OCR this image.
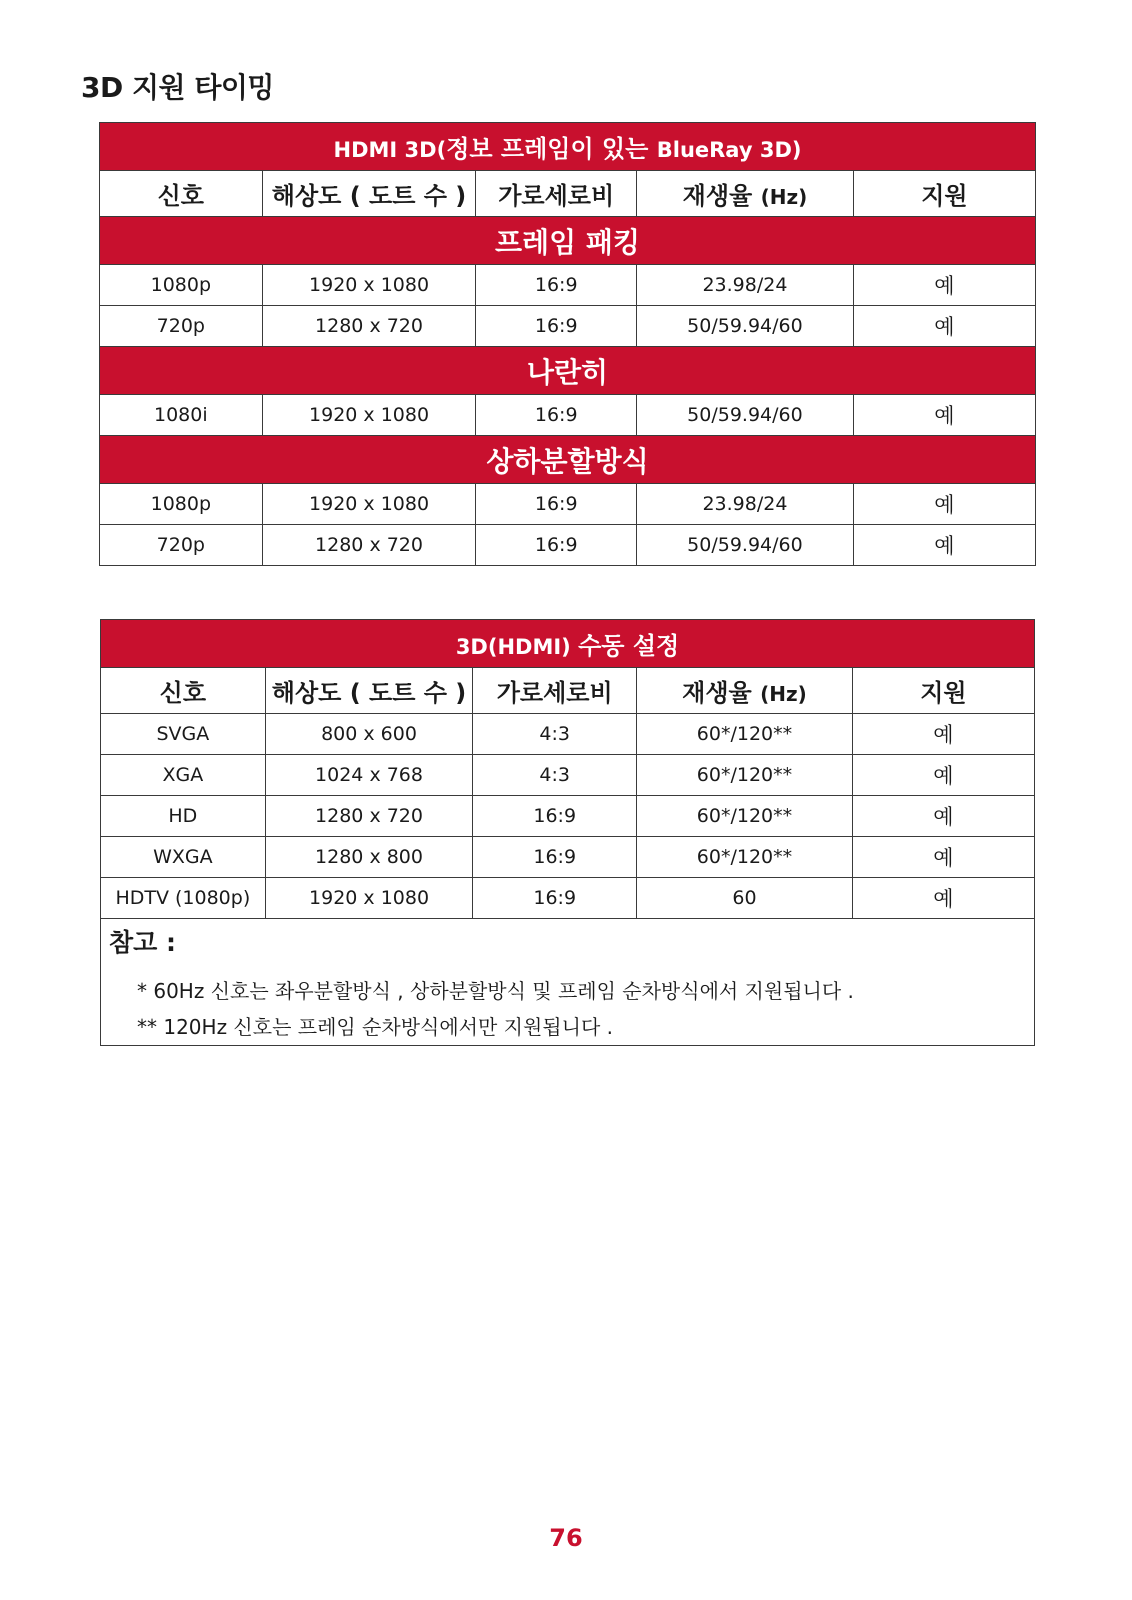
3D 지원 타이밍
HDMI 3D(정보 프레임이 있는 BlueRay 3D)				
신호	해상도 ( 도트 수 )	가로세로비	재생율 (Hz)	지원
프레임 패킹				
1080p	1920 x 1080	16:9	23.98/24	예
720p	1280 x 720	16:9	50/59.94/60	예
나란히				
1080i	1920 x 1080	16:9	50/59.94/60	예
상하분할방식				
1080p	1920 x 1080	16:9	23.98/24	예
720p	1280 x 720	16:9	50/59.94/60	예
3D(HDMI) 수동 설정				
신호	해상도 ( 도트 수 )	가로세로비	재생율 (Hz)	지원
SVGA	800 x 600	4:3	60*/120**	예
XGA	1024 x 768	4:3	60*/120**	예
HD	1280 x 720	16:9	60*/120**	예
WXGA	1280 x 800	16:9	60*/120**	예
HDTV (1080p)	1920 x 1080	16:9	60	예

참고 :
* 60Hz 신호는 좌우분할방식 , 상하분할방식 및 프레임 순차방식에서 지원됩니다 .
** 120Hz 신호는 프레임 순차방식에서만 지원됩니다 .				
76
